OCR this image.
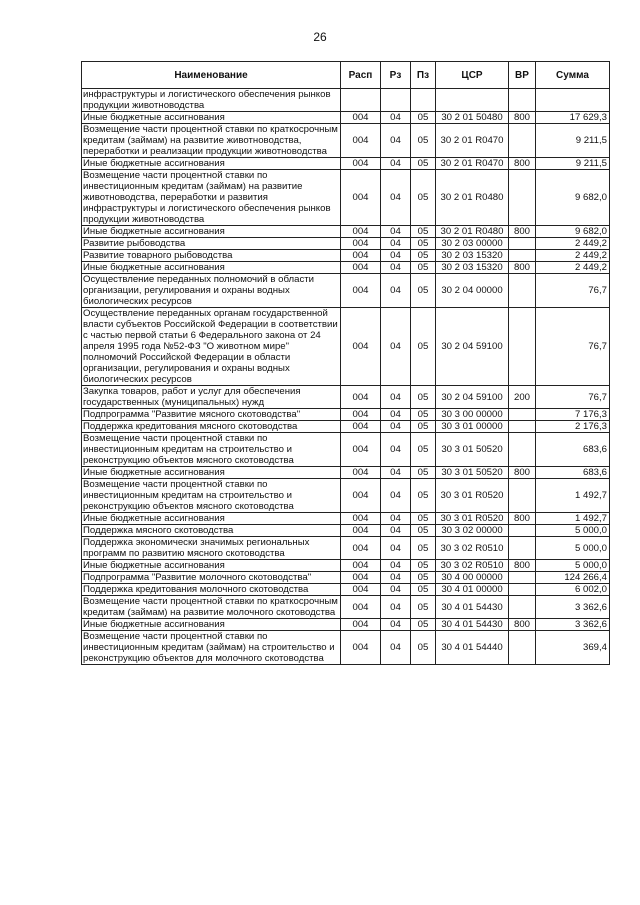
26
Наименование	Расп	Рз	Пз	ЦСР	ВР	Сумма
инфраструктуры и логистического обеспечения рынков продукции животноводства						
Иные бюджетные ассигнования	004	04	05	30 2 01 50480	800	17 629,3
Возмещение части процентной ставки по краткосрочным кредитам (займам) на развитие животноводства, переработки и реализации продукции животноводства	004	04	05	30 2 01 R0470		9 211,5
Иные бюджетные ассигнования	004	04	05	30 2 01 R0470	800	9 211,5
Возмещение части процентной ставки по инвестиционным кредитам (займам) на развитие животноводства, переработки и развития инфраструктуры и логистического обеспечения рынков продукции животноводства	004	04	05	30 2 01 R0480		9 682,0
Иные бюджетные ассигнования	004	04	05	30 2 01 R0480	800	9 682,0
Развитие рыбоводства	004	04	05	30 2 03 00000		2 449,2
Развитие товарного рыбоводства	004	04	05	30 2 03 15320		2 449,2
Иные бюджетные ассигнования	004	04	05	30 2 03 15320	800	2 449,2
Осуществление переданных полномочий в области организации, регулирования и охраны водных биологических ресурсов	004	04	05	30 2 04 00000		76,7
Осуществление переданных органам государственной власти субъектов Российской Федерации в соответствии с частью первой статьи 6 Федерального закона от 24 апреля 1995 года №52-ФЗ "О животном мире" полномочий Российской Федерации в области организации, регулирования и охраны водных биологических ресурсов	004	04	05	30 2 04 59100		76,7
Закупка товаров, работ и услуг для обеспечения государственных (муниципальных) нужд	004	04	05	30 2 04 59100	200	76,7
Подпрограмма "Развитие мясного скотоводства"	004	04	05	30 3 00 00000		7 176,3
Поддержка кредитования мясного скотоводства	004	04	05	30 3 01 00000		2 176,3
Возмещение части процентной ставки по инвестиционным кредитам на строительство и реконструкцию объектов мясного скотоводства	004	04	05	30 3 01 50520		683,6
Иные бюджетные ассигнования	004	04	05	30 3 01 50520	800	683,6
Возмещение части процентной ставки по инвестиционным кредитам на строительство и реконструкцию объектов мясного скотоводства	004	04	05	30 3 01 R0520		1 492,7
Иные бюджетные ассигнования	004	04	05	30 3 01 R0520	800	1 492,7
Поддержка мясного скотоводства	004	04	05	30 3 02 00000		5 000,0
Поддержка экономически значимых региональных программ по развитию мясного скотоводства	004	04	05	30 3 02 R0510		5 000,0
Иные бюджетные ассигнования	004	04	05	30 3 02 R0510	800	5 000,0
Подпрограмма "Развитие молочного скотоводства"	004	04	05	30 4 00 00000		124 266,4
Поддержка кредитования молочного скотоводства	004	04	05	30 4 01 00000		6 002,0
Возмещение части процентной ставки по краткосрочным кредитам (займам) на развитие молочного скотоводства	004	04	05	30 4 01 54430		3 362,6
Иные бюджетные ассигнования	004	04	05	30 4 01 54430	800	3 362,6
Возмещение части процентной ставки по инвестиционным кредитам (займам) на строительство и реконструкцию объектов для молочного скотоводства	004	04	05	30 4 01 54440		369,4
